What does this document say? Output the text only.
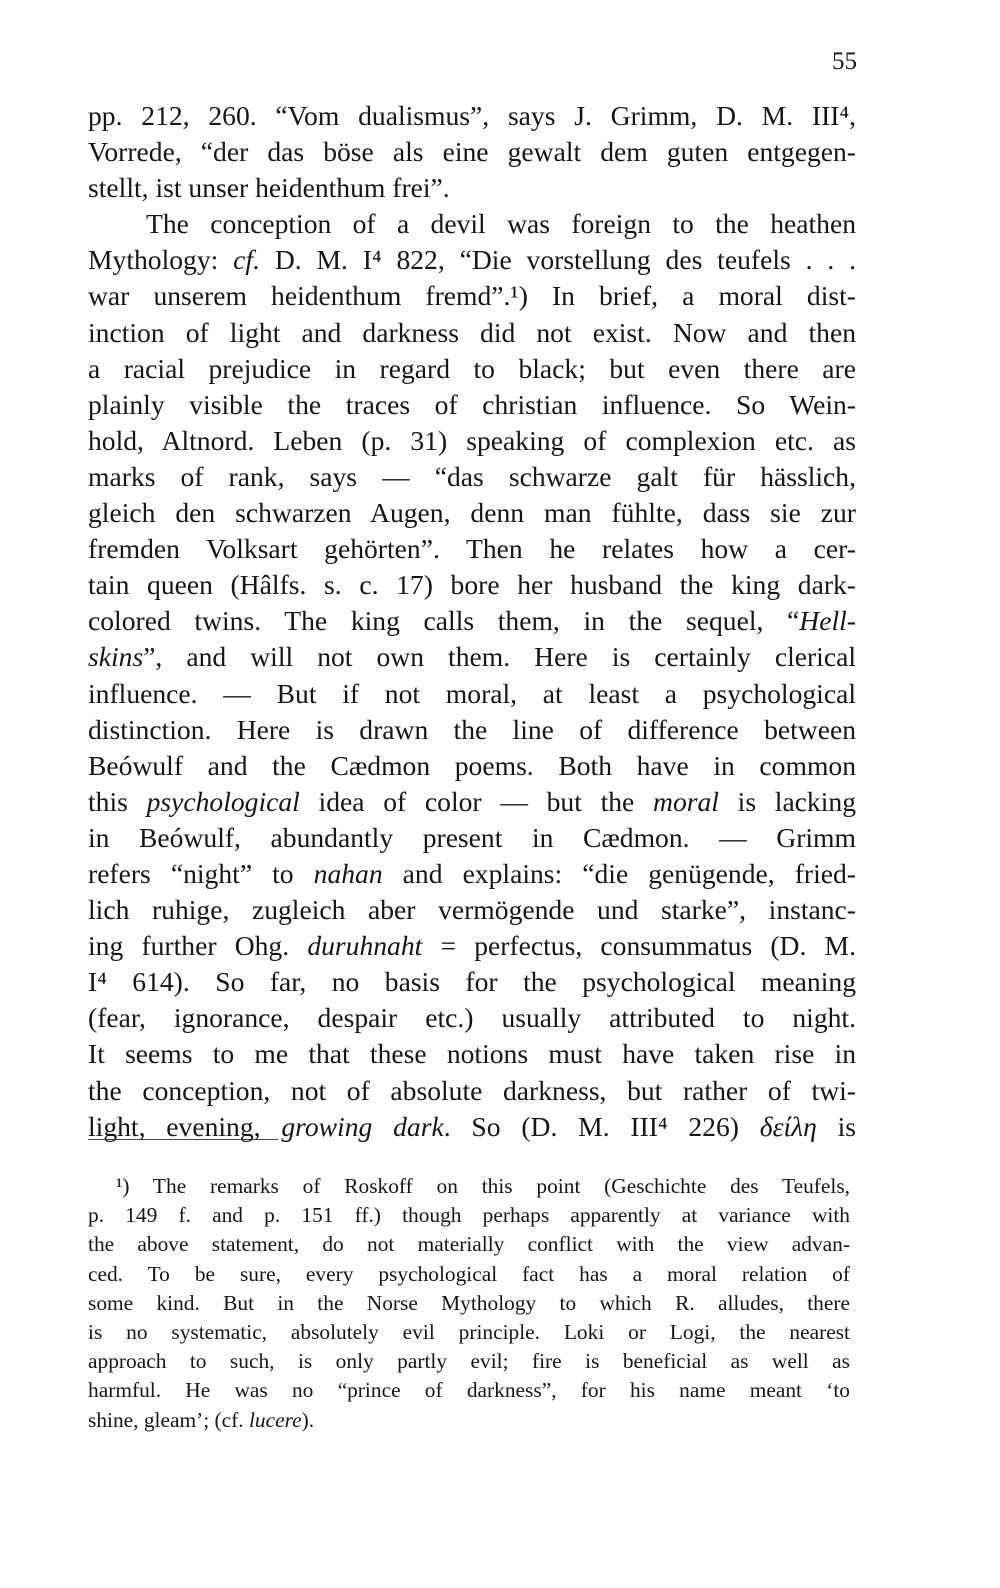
55
pp. 212, 260. “Vom dualismus”, says J. Grimm, D. M. III⁴,
Vorrede, “der das böse als eine gewalt dem guten entgegen-
stellt, ist unser heidenthum frei”.
The conception of a devil was foreign to the heathen
Mythology: cf. D. M. I⁴ 822, “Die vorstellung des teufels . . .
war unserem heidenthum fremd”.¹) In brief, a moral dist-
inction of light and darkness did not exist. Now and then
a racial prejudice in regard to black; but even there are
plainly visible the traces of christian influence. So Wein-
hold, Altnord. Leben (p. 31) speaking of complexion etc. as
marks of rank, says — “das schwarze galt für hässlich,
gleich den schwarzen Augen, denn man fühlte, dass sie zur
fremden Volksart gehörten”. Then he relates how a cer-
tain queen (Hâlfs. s. c. 17) bore her husband the king dark-
colored twins. The king calls them, in the sequel, “Hell-
skins”, and will not own them. Here is certainly clerical
influence. — But if not moral, at least a psychological
distinction. Here is drawn the line of difference between
Beówulf and the Cædmon poems. Both have in common
this psychological idea of color — but the moral is lacking
in Beówulf, abundantly present in Cædmon. — Grimm
refers “night” to nahan and explains: “die genügende, fried-
lich ruhige, zugleich aber vermögende und starke”, instanc-
ing further Ohg. duruhnaht = perfectus, consummatus (D. M.
I⁴ 614). So far, no basis for the psychological meaning
(fear, ignorance, despair etc.) usually attributed to night.
It seems to me that these notions must have taken rise in
the conception, not of absolute darkness, but rather of twi-
light, evening, growing dark. So (D. M. III⁴ 226) δείλη is
¹) The remarks of Roskoff on this point (Geschichte des Teufels,
p. 149 f. and p. 151 ff.) though perhaps apparently at variance with
the above statement, do not materially conflict with the view advan-
ced. To be sure, every psychological fact has a moral relation of
some kind. But in the Norse Mythology to which R. alludes, there
is no systematic, absolutely evil principle. Loki or Logi, the nearest
approach to such, is only partly evil; fire is beneficial as well as
harmful. He was no “prince of darkness”, for his name meant ‘to
shine, gleam’; (cf. lucere).
